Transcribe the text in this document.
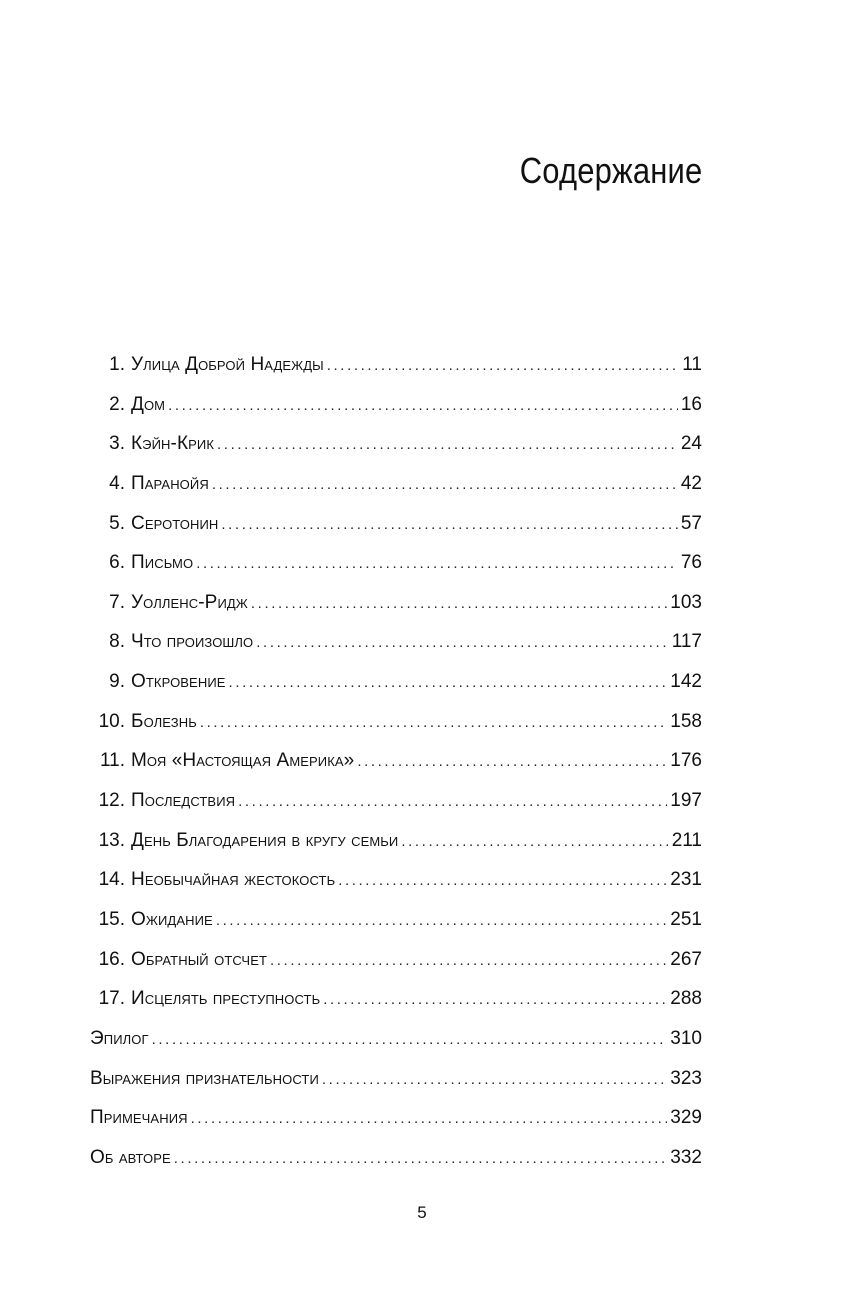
Содержание
1. Улица Доброй Надежды .....	11
2. Дом .....	16
3. Кэйн-Крик .....	24
4. Паранойя .....	42
5. Серотонин .....	57
6. Письмо .....	76
7. Уолленс-Ридж .....	103
8. Что произошло .....	117
9. Откровение .....	142
10. Болезнь .....	158
11. Моя «Настоящая Америка» .....	176
12. Последствия .....	197
13. День Благодарения в кругу семьи .....	211
14. Необычайная жестокость .....	231
15. Ожидание .....	251
16. Обратный отсчет .....	267
17. Исцелять преступность .....	288
Эпилог .....	310
Выражения признательности .....	323
Примечания .....	329
Об авторе .....	332

5
